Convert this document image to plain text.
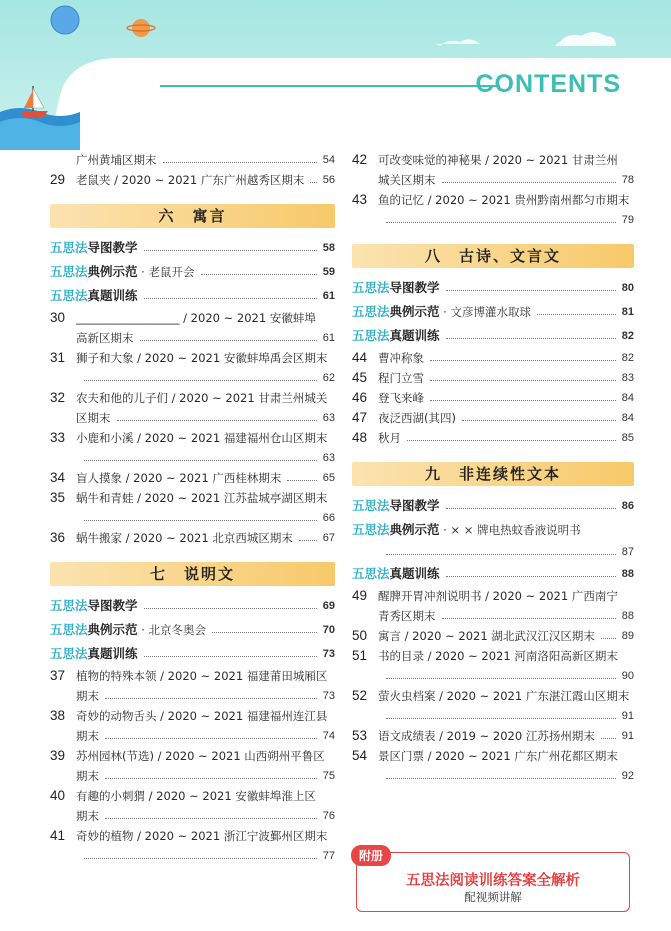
CONTENTS
广州黄埔区期末	54
29 老鼠夹 / 2020 ~ 2021 广东广州越秀区期末 56
六　寓言
五思法导图教学	58
五思法典例示范 · 老鼠开会	59
五思法真题训练	61
30 __________________ / 2020 ~ 2021 安徽蚌埠
高新区期末	61
31 狮子和大象 / 2020 ~ 2021 安徽蚌埠禹会区期末
62
32 农夫和他的儿子们 / 2020 ~ 2021 甘肃兰州城关
区期末	63
33 小鹿和小溪 / 2020 ~ 2021 福建福州仓山区期末
63
34 盲人摸象 / 2020 ~ 2021 广西桂林期末	65
35 蜗牛和青蛙 / 2020 ~ 2021 江苏盐城亭湖区期末
66
36 蜗牛搬家 / 2020 ~ 2021 北京西城区期末	67
七　说明文
五思法导图教学	69
五思法典例示范 · 北京冬奥会	70
五思法真题训练	73
37 植物的特殊本领 / 2020 ~ 2021 福建莆田城厢区
期末	73
38 奇妙的动物舌头 / 2020 ~ 2021 福建福州连江县
期末	74
39 苏州园林(节选) / 2020 ~ 2021 山西朔州平鲁区
期末	75
40 有趣的小刺猬 / 2020 ~ 2021 安徽蚌埠淮上区
期末	76
41 奇妙的植物 / 2020 ~ 2021 浙江宁波鄞州区期末
77
42 可改变味觉的神秘果 / 2020 ~ 2021 甘肃兰州
城关区期末	78
43 鱼的记忆 / 2020 ~ 2021 贵州黔南州都匀市期末
79
八　古诗、文言文
五思法导图教学	80
五思法典例示范 · 文彦博灌水取球	81
五思法真题训练	82
44 曹冲称象	82
45 程门立雪	83
46 登飞来峰	84
47 夜泛西湖(其四)	84
48 秋月	85
九　非连续性文本
五思法导图教学	86
五思法典例示范 · × × 牌电热蚊香液说明书
87
五思法真题训练	88
49 醒脾开胃冲剂说明书 / 2020 ~ 2021 广西南宁
青秀区期末	88
50 寓言 / 2020 ~ 2021 湖北武汉江汉区期末 89
51 书的目录 / 2020 ~ 2021 河南洛阳高新区期末
90
52 萤火虫档案 / 2020 ~ 2021 广东湛江霞山区期末
91
53 语文成绩表 / 2019 ~ 2020 江苏扬州期末 91
54 景区门票 / 2020 ~ 2021 广东广州花都区期末
92
附册
五思法阅读训练答案全解析
配视频讲解
